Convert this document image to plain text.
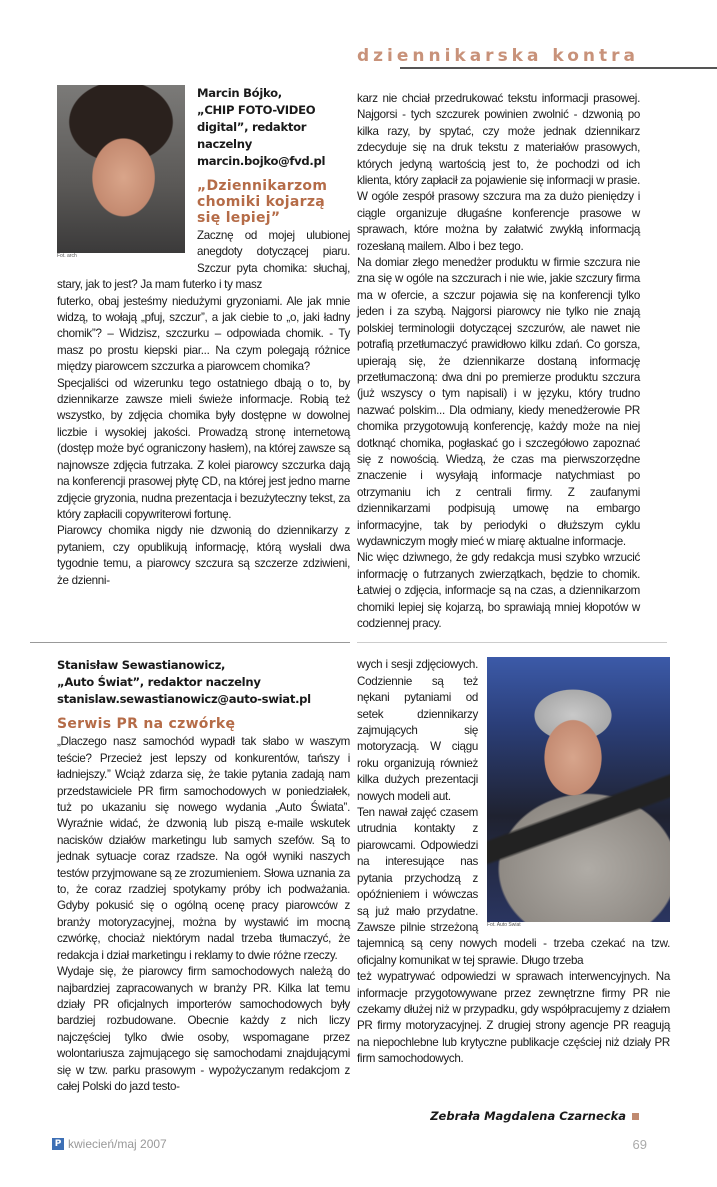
dziennikarska kontra
Fot. arch
Marcin Bójko,
„CHIP FOTO-VIDEO digital”, redaktor naczelny
marcin.bojko@fvd.pl
„Dziennikarzom chomiki kojarzą się lepiej”

Zacznę od mojej ulubionej anegdoty dotyczącej piaru. Szczur pyta chomika: słuchaj, stary, jak to jest? Ja mam futerko i ty masz

futerko, obaj jesteśmy niedużymi gryzoniami. Ale jak mnie widzą, to wołają „pfuj, szczur”, a jak ciebie to „o, jaki ładny chomik”? – Widzisz, szczurku – odpowiada chomik. - Ty masz po prostu kiepski piar... Na czym polegają różnice między piarowcem szczurka a piarowcem chomika?

Specjaliści od wizerunku tego ostatniego dbają o to, by dziennikarze zawsze mieli świeże informacje. Robią też wszystko, by zdjęcia chomika były dostępne w dowolnej liczbie i wysokiej jakości. Prowadzą stronę internetową (dostęp może być ograniczony hasłem), na której zawsze są najnowsze zdjęcia futrzaka. Z kolei piarowcy szczurka dają na konferencji prasowej płytę CD, na której jest jedno marne zdjęcie gryzonia, nudna prezentacja i bezużyteczny tekst, za który zapłacili copywriterowi fortunę.

Piarowcy chomika nigdy nie dzwonią do dziennikarzy z pytaniem, czy opublikują informację, którą wysłali dwa tygodnie temu, a piarowcy szczura są szczerze zdziwieni, że dzienni-

karz nie chciał przedrukować tekstu informacji prasowej. Najgorsi - tych szczurek powinien zwolnić - dzwonią po kilka razy, by spytać, czy może jednak dziennikarz zdecyduje się na druk tekstu z materiałów prasowych, których jedyną wartością jest to, że pochodzi od ich klienta, który zapłacił za pojawienie się informacji w prasie. W ogóle zespół prasowy szczura ma za dużo pieniędzy i ciągle organizuje długaśne konferencje prasowe w sprawach, które można by załatwić zwykłą informacją rozesłaną mailem. Albo i bez tego.

Na domiar złego menedżer produktu w firmie szczura nie zna się w ogóle na szczurach i nie wie, jakie szczury firma ma w ofercie, a szczur pojawia się na konferencji tylko jeden i za szybą. Najgorsi piarowcy nie tylko nie znają polskiej terminologii dotyczącej szczurów, ale nawet nie potrafią przetłumaczyć prawidłowo kilku zdań. Co gorsza, upierają się, że dziennikarze dostaną informację przetłumaczoną: dwa dni po premierze produktu szczura (już wszyscy o tym napisali) i w języku, który trudno nazwać polskim... Dla odmiany, kiedy menedżerowie PR chomika przygotowują konferencję, każdy może na niej dotknąć chomika, pogłaskać go i szczegółowo zapoznać się z nowością. Wiedzą, że czas ma pierwszorzędne znaczenie i wysyłają informacje natychmiast po otrzymaniu ich z centrali firmy. Z zaufanymi dziennikarzami podpisują umowę na embargo informacyjne, tak by periodyki o dłuższym cyklu wydawniczym mogły mieć w miarę aktualne informacje.

Nic więc dziwnego, że gdy redakcja musi szybko wrzucić informację o futrzanych zwierzątkach, będzie to chomik. Łatwiej o zdjęcia, informacje są na czas, a dziennikarzom chomiki lepiej się kojarzą, bo sprawiają mniej kłopotów w codziennej pracy.

Stanisław Sewastianowicz,
„Auto Świat”, redaktor naczelny
stanislaw.sewastianowicz@auto-swiat.pl
Serwis PR na czwórkę

„Dlaczego nasz samochód wypadł tak słabo w waszym teście? Przecież jest lepszy od konkurentów, tańszy i ładniejszy.” Wciąż zdarza się, że takie pytania zadają nam przedstawiciele PR firm samochodowych w poniedziałek, tuż po ukazaniu się nowego wydania „Auto Świata”. Wyraźnie widać, że dzwonią lub piszą e-maile wskutek nacisków działów marketingu lub samych szefów. Są to jednak sytuacje coraz rzadsze. Na ogół wyniki naszych testów przyjmowane są ze zrozumieniem. Słowa uznania za to, że coraz rzadziej spotykamy próby ich podważania. Gdyby pokusić się o ogólną ocenę pracy piarowców z branży motoryzacyjnej, można by wystawić im mocną czwórkę, chociaż niektórym nadal trzeba tłumaczyć, że redakcja i dział marketingu i reklamy to dwie różne rzeczy.

Wydaje się, że piarowcy firm samochodowych należą do najbardziej zapracowanych w branży PR. Kilka lat temu działy PR oficjalnych importerów samochodowych były bardziej rozbudowane. Obecnie każdy z nich liczy najczęściej tylko dwie osoby, wspomagane przez wolontariusza zajmującego się samochodami znajdującymi się w tzw. parku prasowym - wypożyczanym redakcjom z całej Polski do jazd testo-

Fot. Auto Świat

wych i sesji zdjęciowych. Codziennie są też nękani pytaniami od setek dziennikarzy zajmujących się motoryzacją. W ciągu roku organizują również kilka dużych prezentacji nowych modeli aut.

Ten nawał zajęć czasem utrudnia kontakty z piarowcami. Odpowiedzi na interesujące nas pytania przychodzą z opóźnieniem i wówczas są już mało przydatne. Zawsze pilnie strzeżoną tajemnicą są ceny nowych modeli - trzeba czekać na tzw. oficjalny komunikat w tej sprawie. Długo trzeba

też wypatrywać odpowiedzi w sprawach interwencyjnych. Na informacje przygotowywane przez zewnętrzne firmy PR nie czekamy dłużej niż w przypadku, gdy współpracujemy z działem PR firmy motoryzacyjnej. Z drugiej strony agencje PR reagują na niepochlebne lub krytyczne publikacje częściej niż działy PR firm samochodowych.

Zebrała Magdalena Czarnecka
P kwiecień/maj 2007	69
